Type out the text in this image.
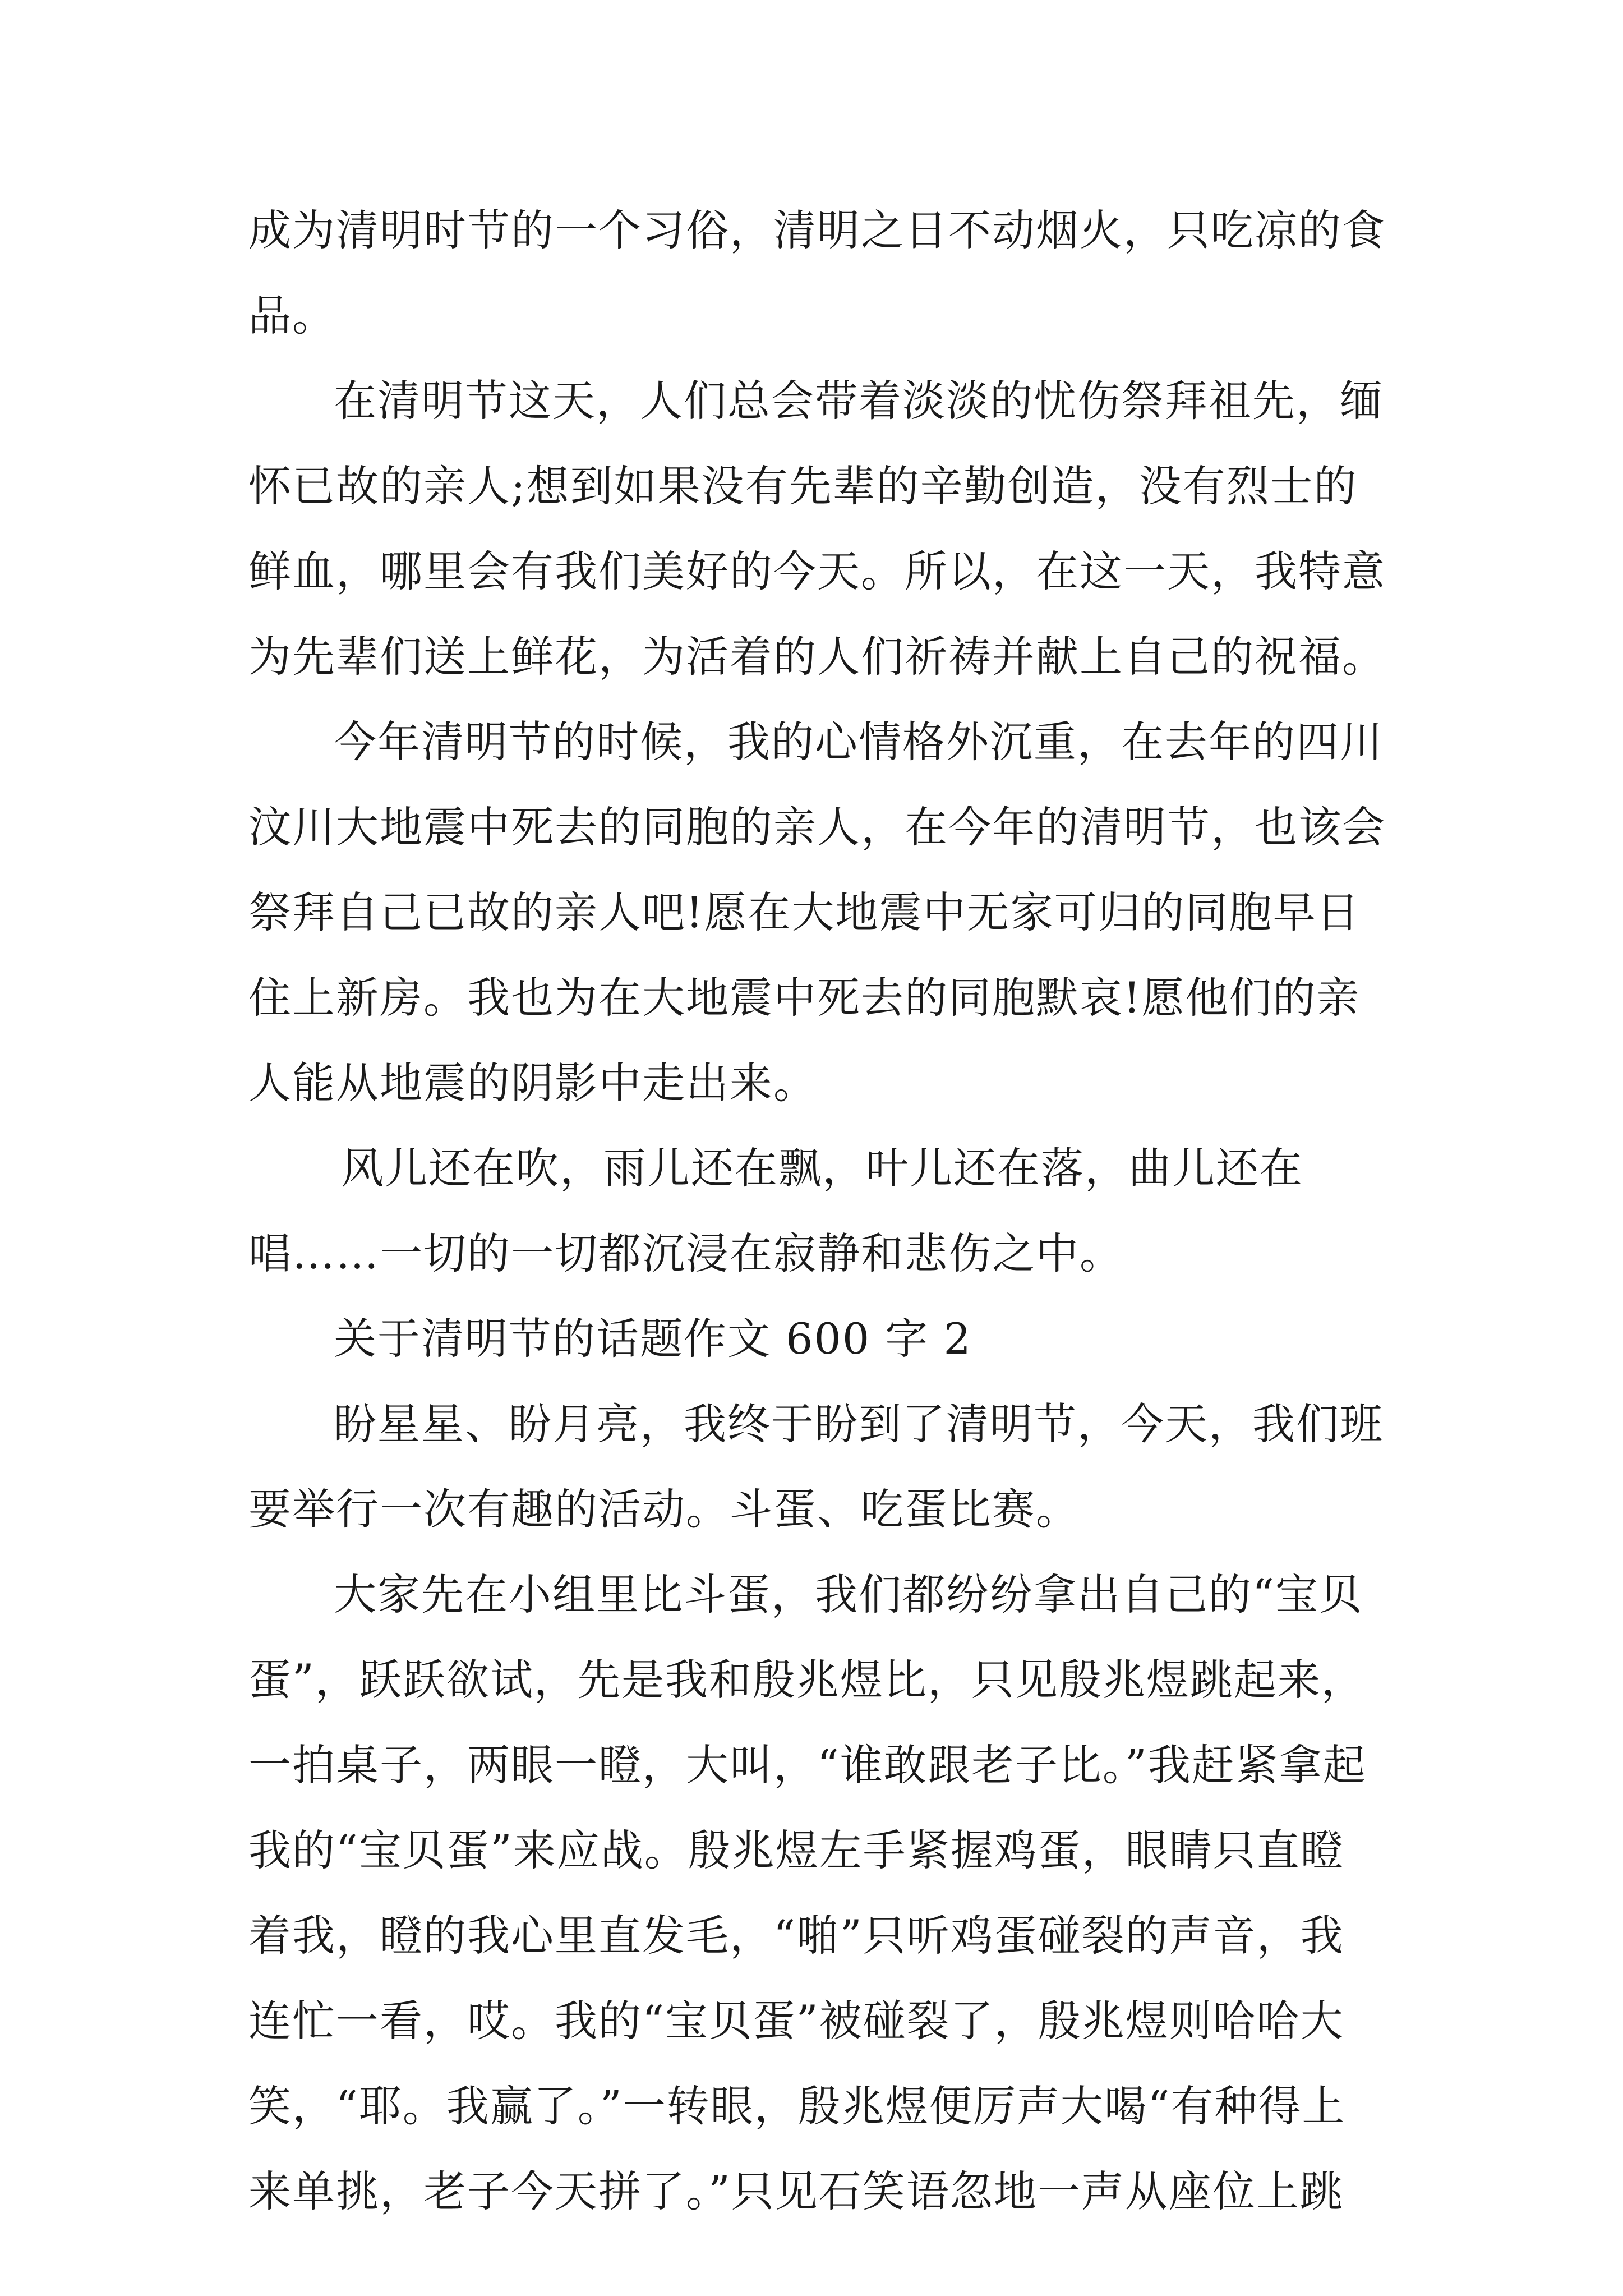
成为清明时节的一个习俗，清明之日不动烟火，只吃凉的食
品。
在清明节这天，人们总会带着淡淡的忧伤祭拜祖先，缅
怀已故的亲人;想到如果没有先辈的辛勤创造，没有烈士的
鲜血，哪里会有我们美好的今天。所以，在这一天，我特意
为先辈们送上鲜花，为活着的人们祈祷并献上自己的祝福。
今年清明节的时候，我的心情格外沉重，在去年的四川
汶川大地震中死去的同胞的亲人，在今年的清明节，也该会
祭拜自己已故的亲人吧!愿在大地震中无家可归的同胞早日
住上新房。我也为在大地震中死去的同胞默哀!愿他们的亲
人能从地震的阴影中走出来。
风儿还在吹，雨儿还在飘，叶儿还在落，曲儿还在
唱……一切的一切都沉浸在寂静和悲伤之中。
关于清明节的话题作文 600 字 2
盼星星、盼月亮，我终于盼到了清明节，今天，我们班
要举行一次有趣的活动。斗蛋、吃蛋比赛。
大家先在小组里比斗蛋，我们都纷纷拿出自己的“宝贝
蛋”，跃跃欲试，先是我和殷兆煜比，只见殷兆煜跳起来，
一拍桌子，两眼一瞪，大叫，“谁敢跟老子比。”我赶紧拿起
我的“宝贝蛋”来应战。殷兆煜左手紧握鸡蛋，眼睛只直瞪
着我，瞪的我心里直发毛，“啪”只听鸡蛋碰裂的声音，我
连忙一看，哎。我的“宝贝蛋”被碰裂了，殷兆煜则哈哈大
笑，“耶。我赢了。”一转眼，殷兆煜便厉声大喝“有种得上
来单挑，老子今天拼了。”只见石笑语忽地一声从座位上跳
